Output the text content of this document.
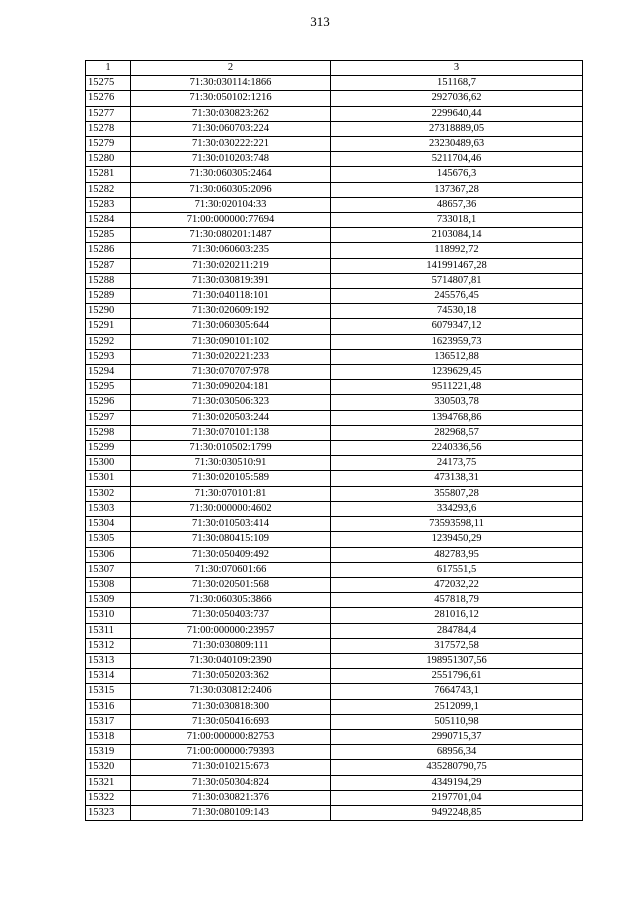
313
1	2	3
15275	71:30:030114:1866	151168,7
15276	71:30:050102:1216	2927036,62
15277	71:30:030823:262	2299640,44
15278	71:30:060703:224	27318889,05
15279	71:30:030222:221	23230489,63
15280	71:30:010203:748	5211704,46
15281	71:30:060305:2464	145676,3
15282	71:30:060305:2096	137367,28
15283	71:30:020104:33	48657,36
15284	71:00:000000:77694	733018,1
15285	71:30:080201:1487	2103084,14
15286	71:30:060603:235	118992,72
15287	71:30:020211:219	141991467,28
15288	71:30:030819:391	5714807,81
15289	71:30:040118:101	245576,45
15290	71:30:020609:192	74530,18
15291	71:30:060305:644	6079347,12
15292	71:30:090101:102	1623959,73
15293	71:30:020221:233	136512,88
15294	71:30:070707:978	1239629,45
15295	71:30:090204:181	9511221,48
15296	71:30:030506:323	330503,78
15297	71:30:020503:244	1394768,86
15298	71:30:070101:138	282968,57
15299	71:30:010502:1799	2240336,56
15300	71:30:030510:91	24173,75
15301	71:30:020105:589	473138,31
15302	71:30:070101:81	355807,28
15303	71:30:000000:4602	334293,6
15304	71:30:010503:414	73593598,11
15305	71:30:080415:109	1239450,29
15306	71:30:050409:492	482783,95
15307	71:30:070601:66	617551,5
15308	71:30:020501:568	472032,22
15309	71:30:060305:3866	457818,79
15310	71:30:050403:737	281016,12
15311	71:00:000000:23957	284784,4
15312	71:30:030809:111	317572,58
15313	71:30:040109:2390	198951307,56
15314	71:30:050203:362	2551796,61
15315	71:30:030812:2406	7664743,1
15316	71:30:030818:300	2512099,1
15317	71:30:050416:693	505110,98
15318	71:00:000000:82753	2990715,37
15319	71:00:000000:79393	68956,34
15320	71:30:010215:673	435280790,75
15321	71:30:050304:824	4349194,29
15322	71:30:030821:376	2197701,04
15323	71:30:080109:143	9492248,85
